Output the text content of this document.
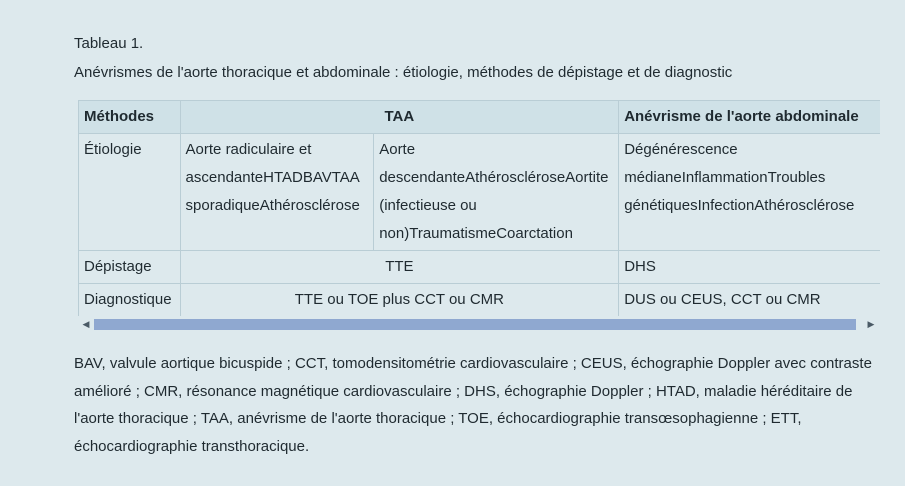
Tableau 1.
Anévrismes de l'aorte thoracique et abdominale : étiologie, méthodes de dépistage et de diagnostic
Méthodes	TAA		Anévrisme de l'aorte abdominale
Étiologie	Aorte radiculaire et ascendanteHTADBAVTAA sporadiqueAthérosclérose	Aorte descendanteAthéroscléroseAortite (infectieuse ou non)TraumatismeCoarctation	Dégénérescence médianeInflammationTroubles génétiquesInfectionAthérosclérose
Dépistage	TTE		DHS
Diagnostique	TTE ou TOE plus CCT ou CMR		DUS ou CEUS, CCT ou CMR
◀	▶
BAV, valvule aortique bicuspide ; CCT, tomodensitométrie cardiovasculaire ; CEUS, échographie Doppler avec contraste amélioré ; CMR, résonance magnétique cardiovasculaire ; DHS, échographie Doppler ; HTAD, maladie héréditaire de l'aorte thoracique ; TAA, anévrisme de l'aorte thoracique ; TOE, échocardiographie transœsophagienne ; ETT, échocardiographie transthoracique.
